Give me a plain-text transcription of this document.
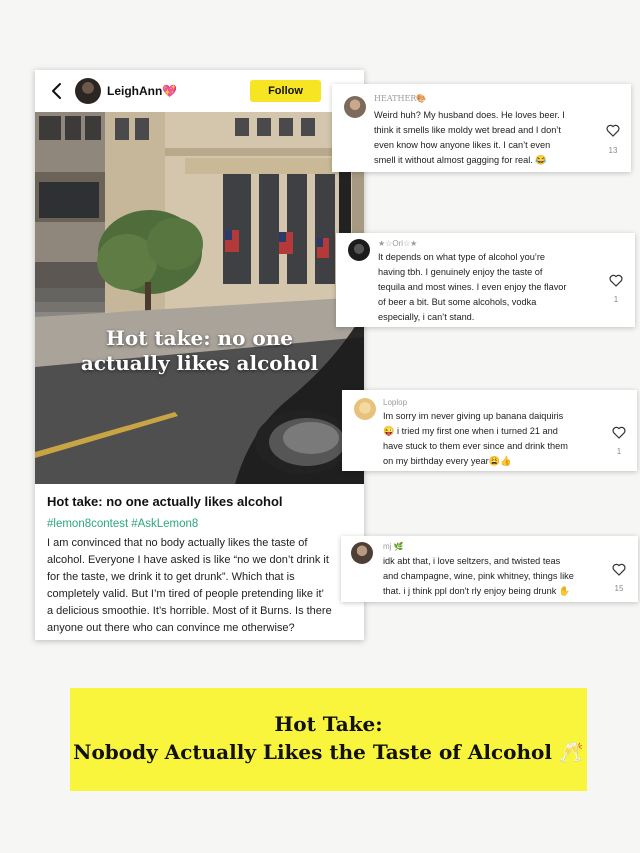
LeighAnn💖	Follow
Hot take: no one
actually likes alcohol
Hot take: no one actually likes alcohol
#lemon8contest #AskLemon8
I am convinced that no body actually likes the taste of
alcohol. Everyone I have asked is like “no we don’t drink it
for the taste, we drink it to get drunk”. Which that is
completely valid. But I’m tired of people pretending like it’
a delicious smoothie. It’s horrible. Most of it Burns. Is there
anyone out there who can convince me otherwise?
HEATHER🎨
Weird huh? My husband does. He loves beer. I
think it smells like moldy wet bread and I don’t
even know how anyone likes it. I can’t even
smell it without almost gagging for real. 😂
13
★☆Ori☆★
It depends on what type of alcohol you’re
having tbh. I genuinely enjoy the taste of
tequila and most wines. I even enjoy the flavor
of beer a bit. But some alcohols, vodka
especially, i can’t stand.
1
Loplop
Im sorry im never giving up banana daiquiris
😜 i tried my first one when i turned 21 and
have stuck to them ever since and drink them
on my birthday every year😩👍
1
mj 🌿
idk abt that, i love seltzers, and twisted teas
and champagne, wine, pink whitney, things like
that. i j think ppl don't rly enjoy being drunk ✋	15
Hot Take:
Nobody Actually Likes the Taste of Alcohol 🥂
